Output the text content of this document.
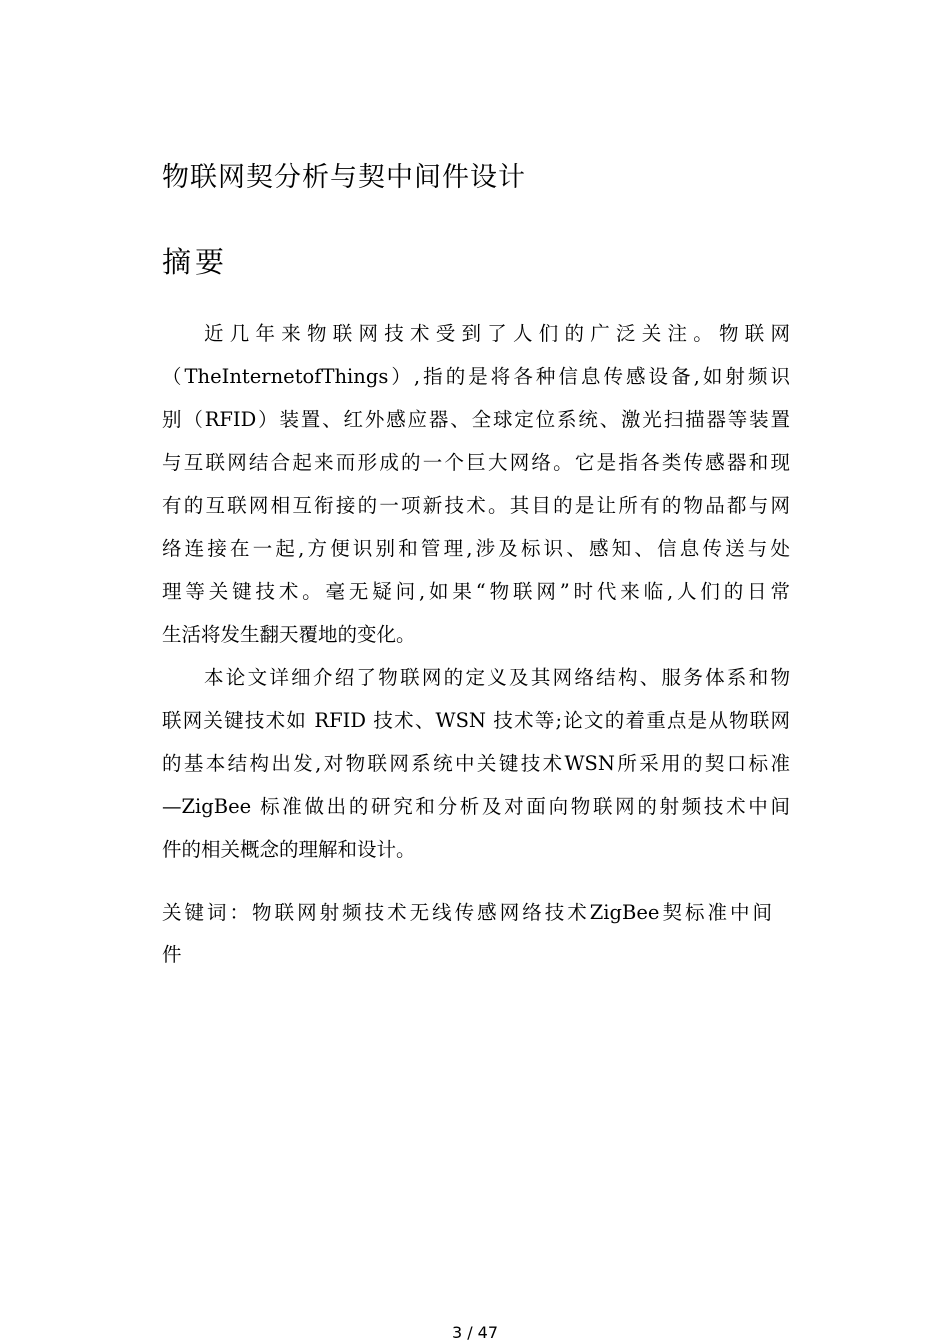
物联网契分析与契中间件设计
摘要
近几年来物联网技术受到了人们的广泛关注。物联网
（TheInternetofThings）,指的是将各种信息传感设备,如射频识
别（RFID）装置、红外感应器、全球定位系统、激光扫描器等装置
与互联网结合起来而形成的一个巨大网络。它是指各类传感器和现
有的互联网相互衔接的一项新技术。其目的是让所有的物品都与网
络连接在一起,方便识别和管理,涉及标识、感知、信息传送与处
理等关键技术。毫无疑问,如果“物联网”时代来临,人们的日常
生活将发生翻天覆地的变化。
本论文详细介绍了物联网的定义及其网络结构、服务体系和物
联网关键技术如 RFID 技术、WSN 技术等;论文的着重点是从物联网
的基本结构出发,对物联网系统中关键技术WSN所采用的契口标准
—ZigBee 标准做出的研究和分析及对面向物联网的射频技术中间
件的相关概念的理解和设计。
关键词：物联网射频技术无线传感网络技术ZigBee契标准中间
件
3 / 47
